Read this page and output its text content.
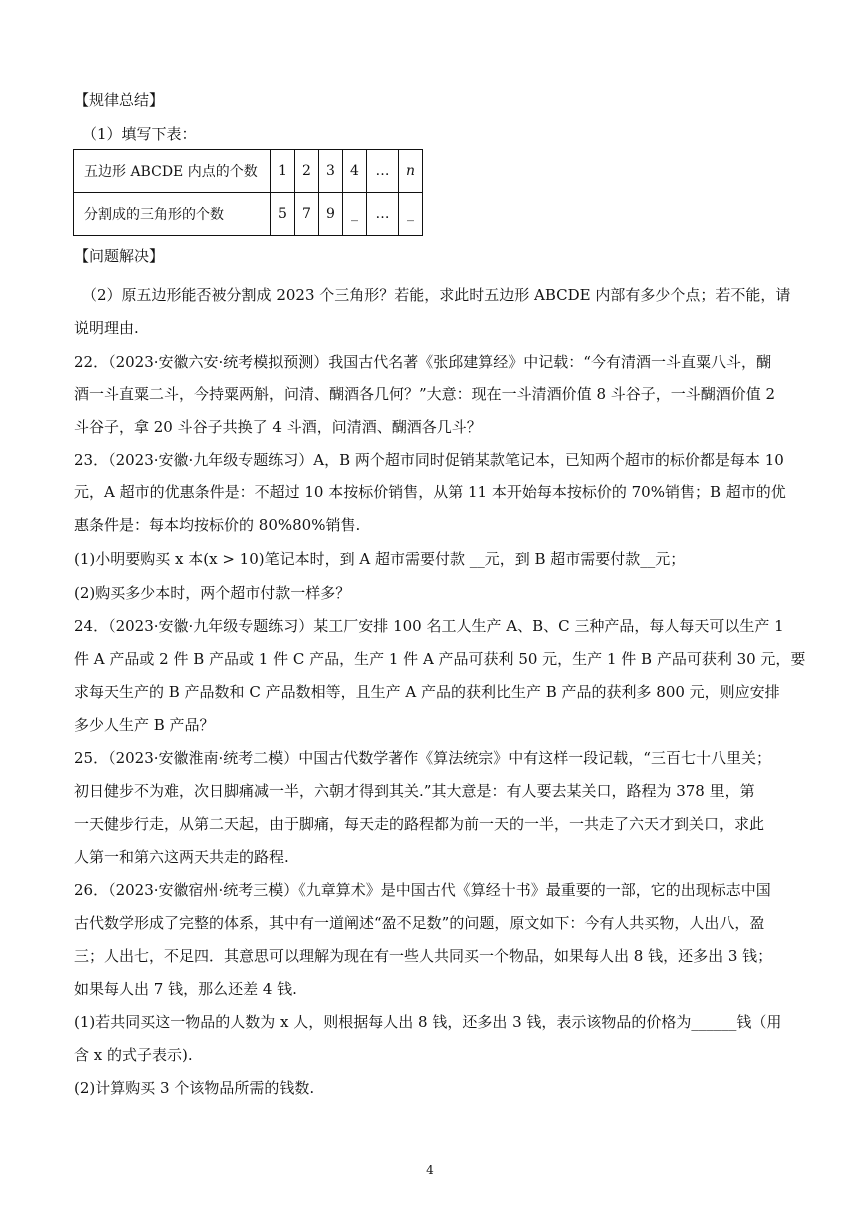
【规律总结】
（1）填写下表：
五边形 ABCDE 内点的个数	1	2	3	4	…	n
分割成的三角形的个数	5	7	9	_	…	_
【问题解决】
（2）原五边形能否被分割成 2023 个三角形？若能，求此时五边形 ABCDE 内部有多少个点；若不能，请
说明理由.
22．（2023·安徽六安·统考模拟预测）我国古代名著《张邱建算经》中记载：“今有清酒一斗直粟八斗，醐
酒一斗直粟二斗，今持粟两斛，问清、醐酒各几何？”大意：现在一斗清酒价值 8 斗谷子，一斗醐酒价值 2
斗谷子，拿 20 斗谷子共换了 4 斗酒，问清酒、醐酒各几斗？
23．（2023·安徽·九年级专题练习）A，B 两个超市同时促销某款笔记本，已知两个超市的标价都是每本 10
元，A 超市的优惠条件是：不超过 10 本按标价销售，从第 11 本开始每本按标价的 70%销售；B 超市的优
惠条件是：每本均按标价的 80%80%销售.
(1)小明要购买 x 本(x > 10)笔记本时，到 A 超市需要付款 __元，到 B 超市需要付款__元；
(2)购买多少本时，两个超市付款一样多？
24．（2023·安徽·九年级专题练习）某工厂安排 100 名工人生产 A、B、C 三种产品，每人每天可以生产 1
件 A 产品或 2 件 B 产品或 1 件 C 产品，生产 1 件 A 产品可获利 50 元，生产 1 件 B 产品可获利 30 元，要
求每天生产的 B 产品数和 C 产品数相等，且生产 A 产品的获利比生产 B 产品的获利多 800 元，则应安排
多少人生产 B 产品？
25．（2023·安徽淮南·统考二模）中国古代数学著作《算法统宗》中有这样一段记载，“三百七十八里关；
初日健步不为难，次日脚痛减一半，六朝才得到其关.”其大意是：有人要去某关口，路程为 378 里，第
一天健步行走，从第二天起，由于脚痛，每天走的路程都为前一天的一半，一共走了六天才到关口，求此
人第一和第六这两天共走的路程.
26．（2023·安徽宿州·统考三模）《九章算术》是中国古代《算经十书》最重要的一部，它的出现标志中国
古代数学形成了完整的体系，其中有一道阐述“盈不足数”的问题，原文如下：今有人共买物，人出八，盈
三；人出七，不足四．其意思可以理解为现在有一些人共同买一个物品，如果每人出 8 钱，还多出 3 钱；
如果每人出 7 钱，那么还差 4 钱.
(1)若共同买这一物品的人数为 x 人，则根据每人出 8 钱，还多出 3 钱，表示该物品的价格为______钱（用
含 x 的式子表示).
(2)计算购买 3 个该物品所需的钱数.
4
